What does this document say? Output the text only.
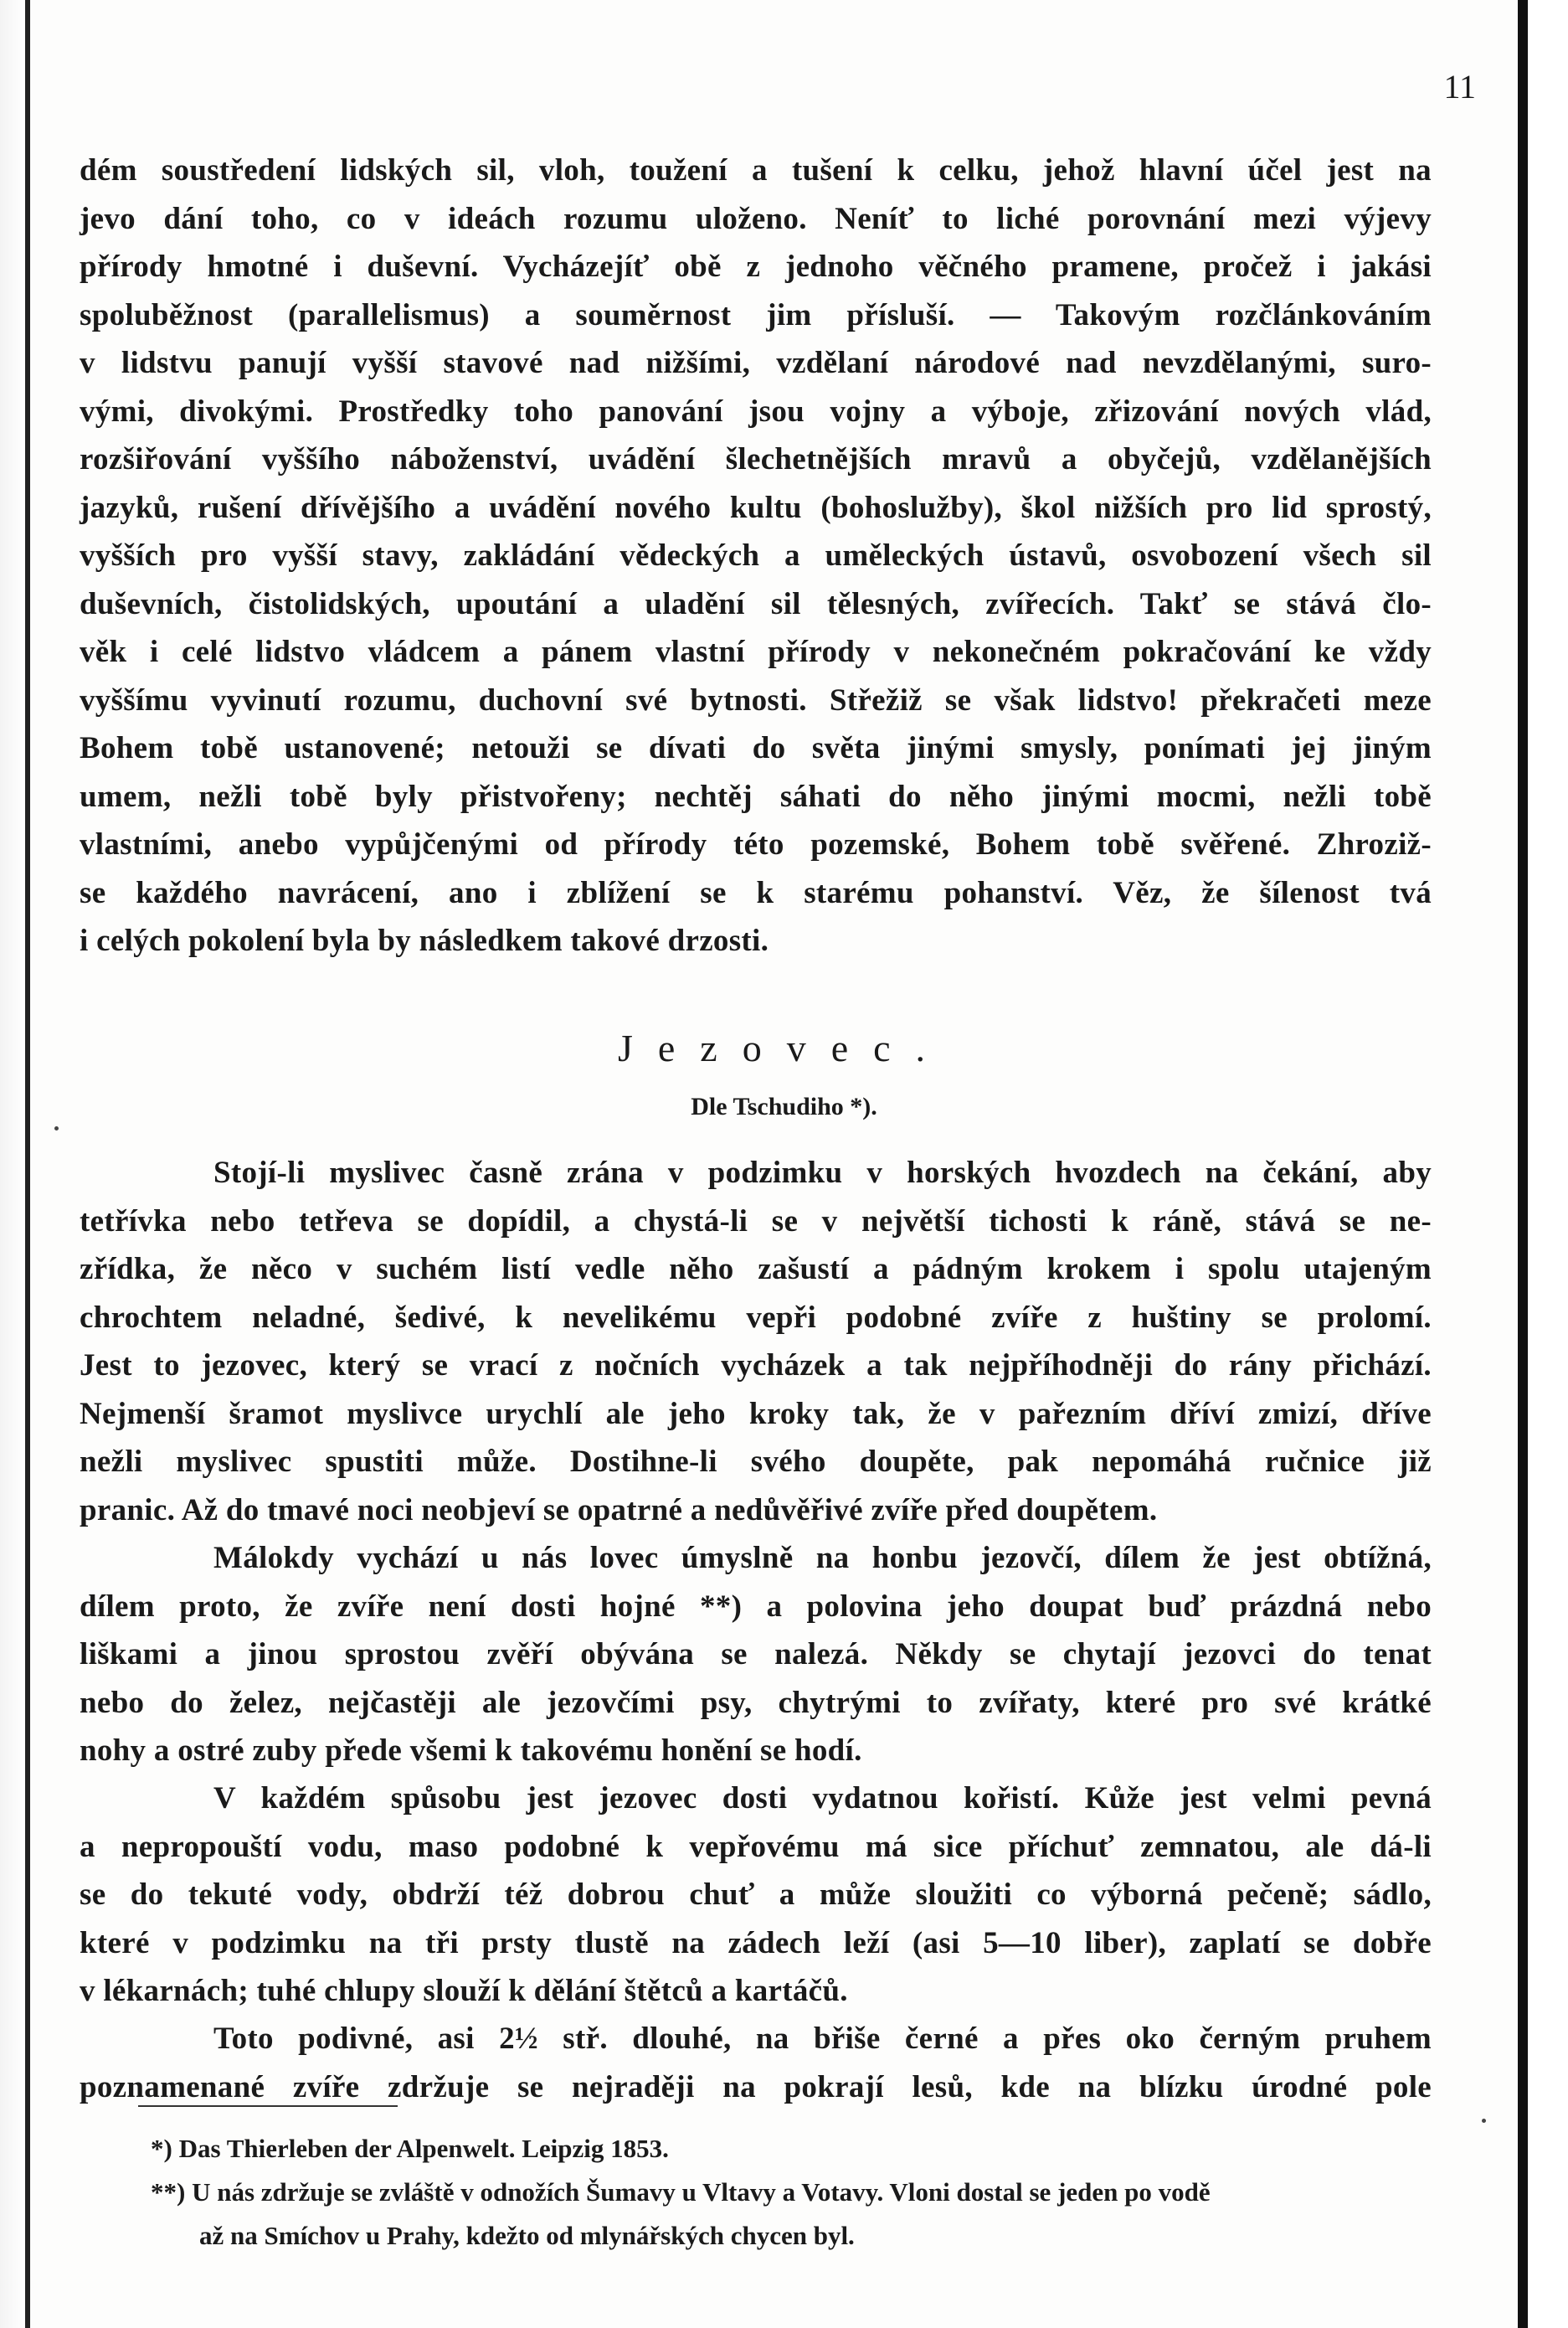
11
dém soustředení lidských sil, vloh, toužení a tušení k celku, jehož hlavní účel jest na
jevo dání toho, co v ideách rozumu uloženo. Neníť to liché porovnání mezi výjevy
přírody hmotné i duševní. Vycházejíť obě z jednoho věčného pramene, pročež i jakási
spoluběžnost (parallelismus) a souměrnost jim přísluší. — Takovým rozčlánkováním
v lidstvu panují vyšší stavové nad nižšími, vzdělaní národové nad nevzdělanými, suro-
vými, divokými. Prostředky toho panování jsou vojny a výboje, zřizování nových vlád,
rozšiřování vyššího náboženství, uvádění šlechetnějších mravů a obyčejů, vzdělanějších
jazyků, rušení dřívějšího a uvádění nového kultu (bohoslužby), škol nižších pro lid sprostý,
vyšších pro vyšší stavy, zakládání vědeckých a umělecký​ch ústavů, osvobození všech sil
duševních, čistolidských, upoutání a uladění sil tělesných, zvířecích. Takť se stává člo-
věk i celé lidstvo vládcem a pánem vlastní přírody v nekonečném pokračování ke vždy
vyššímu vyvinutí rozumu, duchovní své bytnosti. Střežiž se však lidstvo! překračeti meze
Bohem tobě ustanovené; netouži se dívati do světa jinými smysly, ponímati jej jiným
umem, nežli tobě byly přistvořeny; nechtěj sáhati do něho jinými mocmi, nežli tobě
vlastními, anebo vypůjčenými od přírody této pozemské, Bohem tobě svěřené. Zhroziž-
se každého navrácení, ano i zblížení se k starému pohanství. Věz, že šílenost tvá
i celých pokolení byla by následkem takové drzosti.
Jezovec.
Dle Tschudiho *).
Stojí-li myslivec časně zrána v podzimku v horských hvozdech na čekání, aby
tetřívka nebo tetřeva se dopídil, a chystá-li se v největší tichosti k ráně, stává se ne-
zřídka, že něco v suchém listí vedle něho zašustí a pádným krokem i spolu utajeným
chrochtem neladné, šedivé, k nevelikému vepři podobné zvíře z huštiny se prolomí.
Jest to jezovec, který se vrací z nočních vycházek a tak nejpříhodněji do rány přichází.
Nejmenší šramot myslivce urychlí ale jeho kroky tak, že v pařezním dříví zmizí, dříve
nežli myslivec spustiti může. Dostihne-li svého doupěte, pak nepomáhá ručnice již
pranic. Až do tmavé noci neobjeví se opatrné a nedůvěřivé zvíře před doupětem.
Málokdy vychází u nás lovec úmyslně na honbu jezovčí, dílem že jest obtížná,
dílem proto, že zvíře není dosti hojné **) a polovina jeho doupat buď prázdná nebo
liškami a jinou sprostou zvěří obývána se nalezá. Někdy se chytají jezovci do tenat
nebo do želez, nejčastěji ale jezovčími psy, chytrými to zvířaty, které pro své krátké
nohy a ostré zuby přede všemi k takovému honění se hodí.
V každém spůsobu jest jezovec dosti vydatnou kořistí. Kůže jest velmi pevná
a nepropouští vodu, maso podobné k vepřovému má sice příchuť zemnatou, ale dá-li
se do tekuté vody, obdrží též dobrou chuť a může sloužiti co výborná pečeně; sádlo,
které v podzimku na tři prsty tlustě na zádech leží (asi 5—10 liber), zaplatí se dobře
v lékarnách; tuhé chlupy slouží k dělání štětců a kartáčů.
Toto podivné, asi 2½ stř. dlouhé, na břiše černé a přes oko černým pruhem
poznamenané zvíře zdržuje se nejraději na pokrají lesů, kde na blízku úrodné pole

*) Das Thierleben der Alpenwelt. Leipzig 1853.

**) U nás zdržuje se zvláště v odnožích Šumavy u Vltavy a Votavy. Vloni dostal se jeden po vodě

až na Smíchov u Prahy, kdežto od mlynářských chycen byl.
